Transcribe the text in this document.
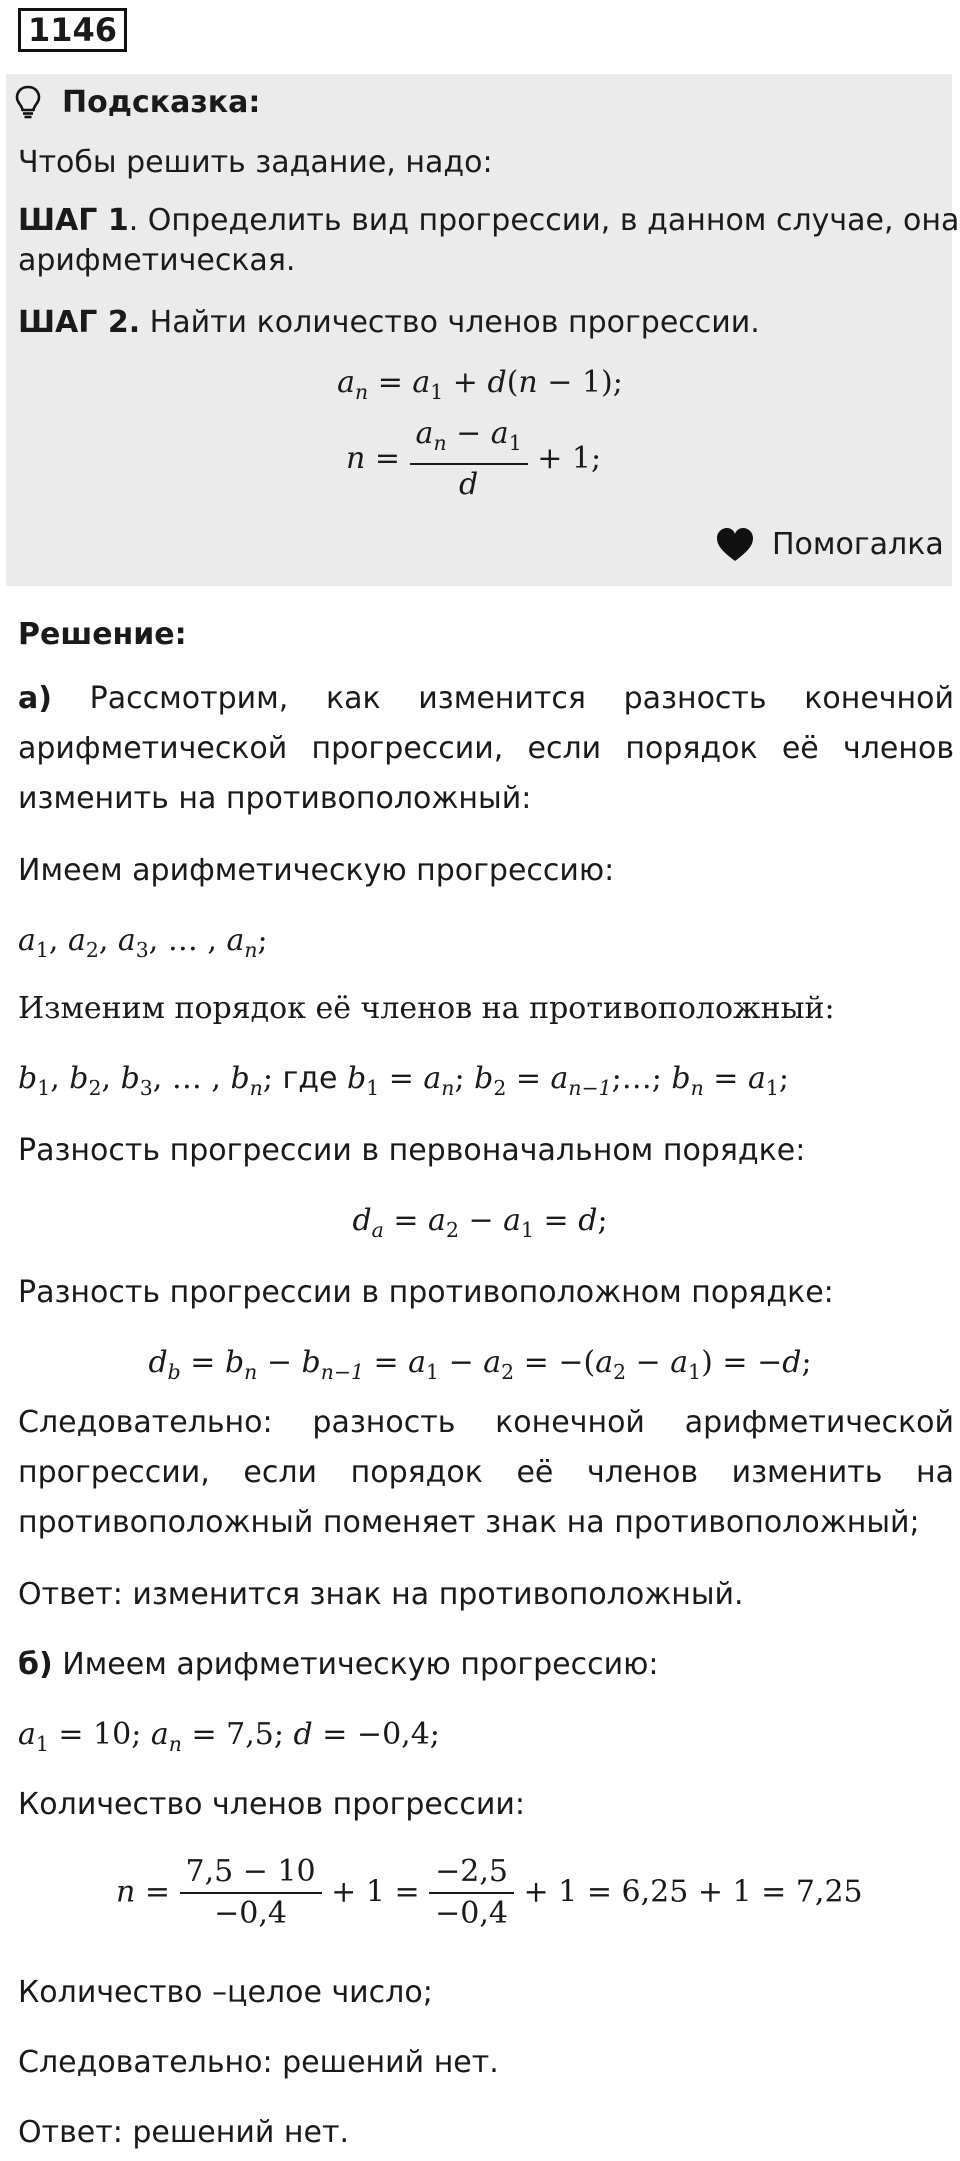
1146
Подсказка:
Чтобы решить задание, надо:
ШАГ 1. Определить вид прогрессии, в данном случае, она
арифметическая.
ШАГ 2. Найти количество членов прогрессии.
$a_n = a_1 + d(n - 1)$;
$n = \frac{a_n - a_1}{d} + 1$;
Помогалка
Решение:
а) Рассмотрим, как изменится разность конечной
арифметической прогрессии, если порядок её членов
изменить на противоположный:
Имеем арифметическую прогрессию:
$a_1$, $a_2$, $a_3$, … , $a_n$;
Изменим порядок её членов на противоположный:
$b_1$, $b_2$, $b_3$, … , $b_n$; где $b_1 = a_n$; $b_2$ = $a_{n-1};\dots$; $b_n = a_1$;
Разность прогрессии в первоначальном порядке:
$d_a = a_2 - a_1 = d$;
Разность прогрессии в противоположном порядке:
$d_b = b_n - b_{n-1} = a_1 - a_2 = -(a_2 - a_1) = -d$;
Следовательно: разность конечной арифметической
прогрессии, если порядок её членов изменить на
противоположный поменяет знак на противоположный;
Ответ: изменится знак на противоположный.
б) Имеем арифметическую прогрессию:
$a_1 = 10$; $a_n = 7,5$; d = −0,4;
Количество членов прогрессии:
$n = \frac{7,5 - 10}{-0,4} + 1 = \frac{-2,5}{-0,4} + 1 = 6,25 + 1 = 7,25$
Количество –целое число;
Следовательно: решений нет.
Ответ: решений нет.
